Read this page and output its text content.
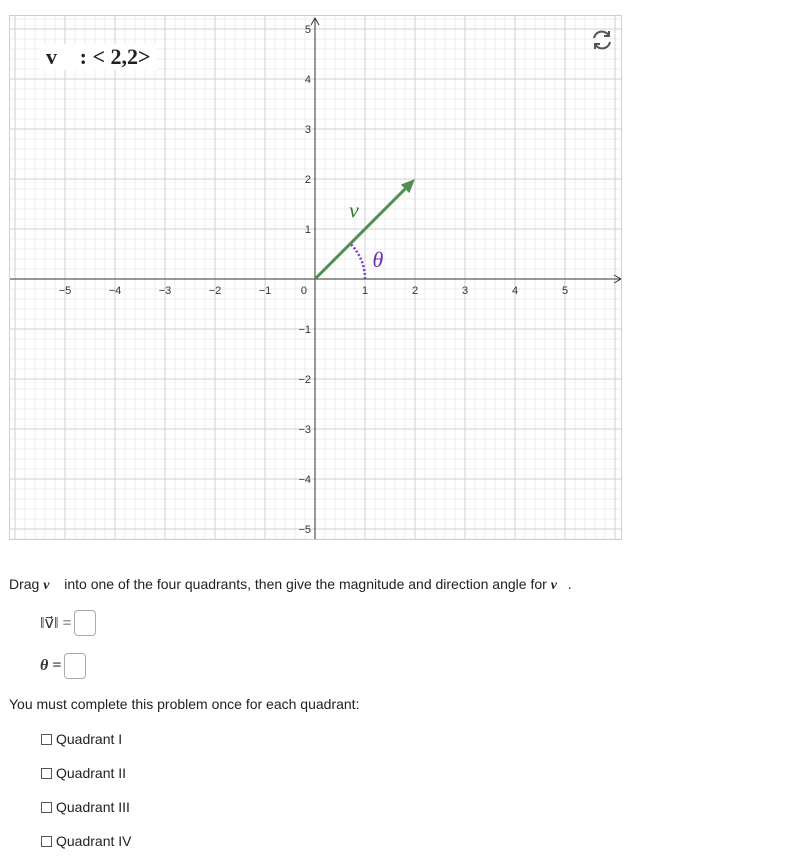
−5	−4	−3	−2	−1	1	2	3	4	5
5
4
3
2
1
−1
−2
−3
−4
−5
0
v⃗
θ
v⃗ : < 2,2>
Drag v⃗ into one of the four quadrants, then give the magnitude and direction angle for v⃗.
‖v⃗‖ =
θ =
You must complete this problem once for each quadrant:
Quadrant I
Quadrant II
Quadrant III
Quadrant IV
